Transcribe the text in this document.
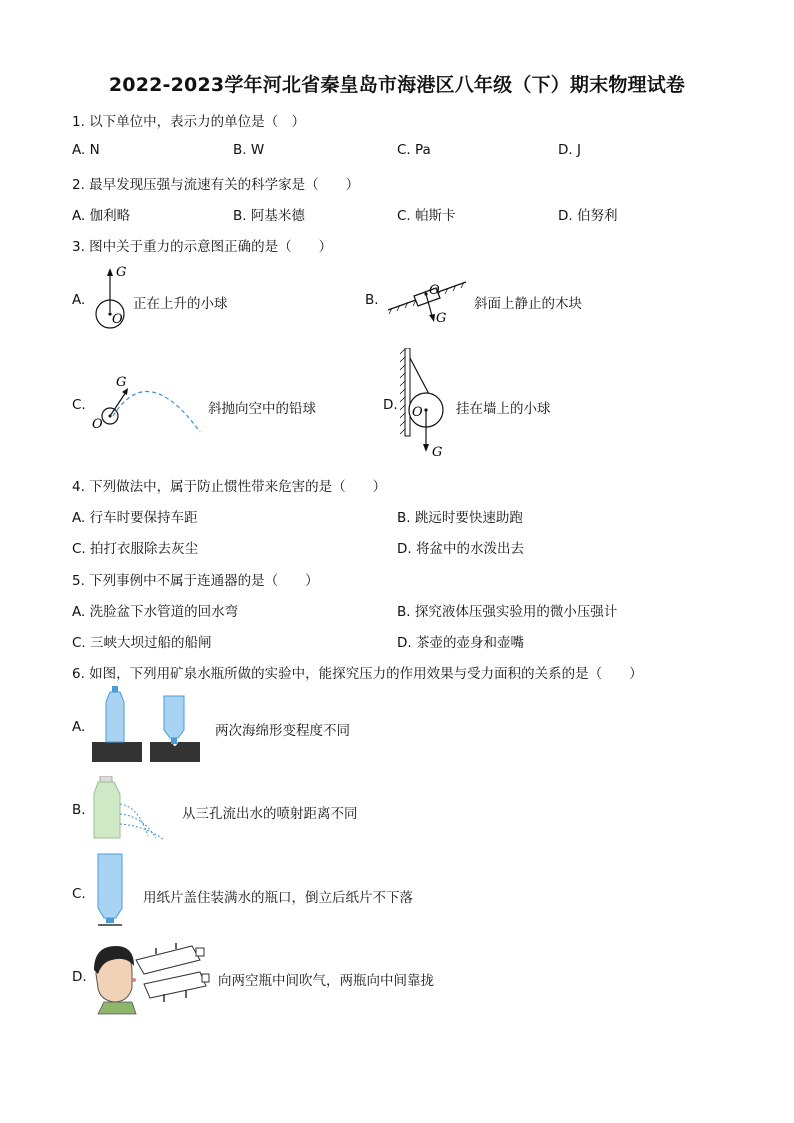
2022-2023学年河北省秦皇岛市海港区八年级（下）期末物理试卷
1. 以下单位中，表示力的单位是（　）
A. N	B. W	C. Pa	D. J
2. 最早发现压强与流速有关的科学家是（　　）
A. 伽利略	B. 阿基米德	C. 帕斯卡	D. 伯努利
3. 图中关于重力的示意图正确的是（　　）
A.
G
O
正在上升的小球	B.
O
G
斜面上静止的木块
C.
G
O
斜抛向空中的铅球	D. O
G
挂在墙上的小球
4. 下列做法中，属于防止惯性带来危害的是（　　）
A. 行车时要保持车距	B. 跳远时要快速助跑
C. 拍打衣服除去灰尘	D. 将盆中的水泼出去
5. 下列事例中不属于连通器的是（　　）
A. 洗脸盆下水管道的回水弯	B. 探究液体压强实验用的微小压强计
C. 三峡大坝过船的船闸	D. 茶壶的壶身和壶嘴
6. 如图，下列用矿泉水瓶所做的实验中，能探究压力的作用效果与受力面积的关系的是（　　）
A.	两次海绵形变程度不同
B.	从三孔流出水的喷射距离不同
C.	用纸片盖住装满水的瓶口，倒立后纸片不下落
D.	向两空瓶中间吹气，两瓶向中间靠拢
